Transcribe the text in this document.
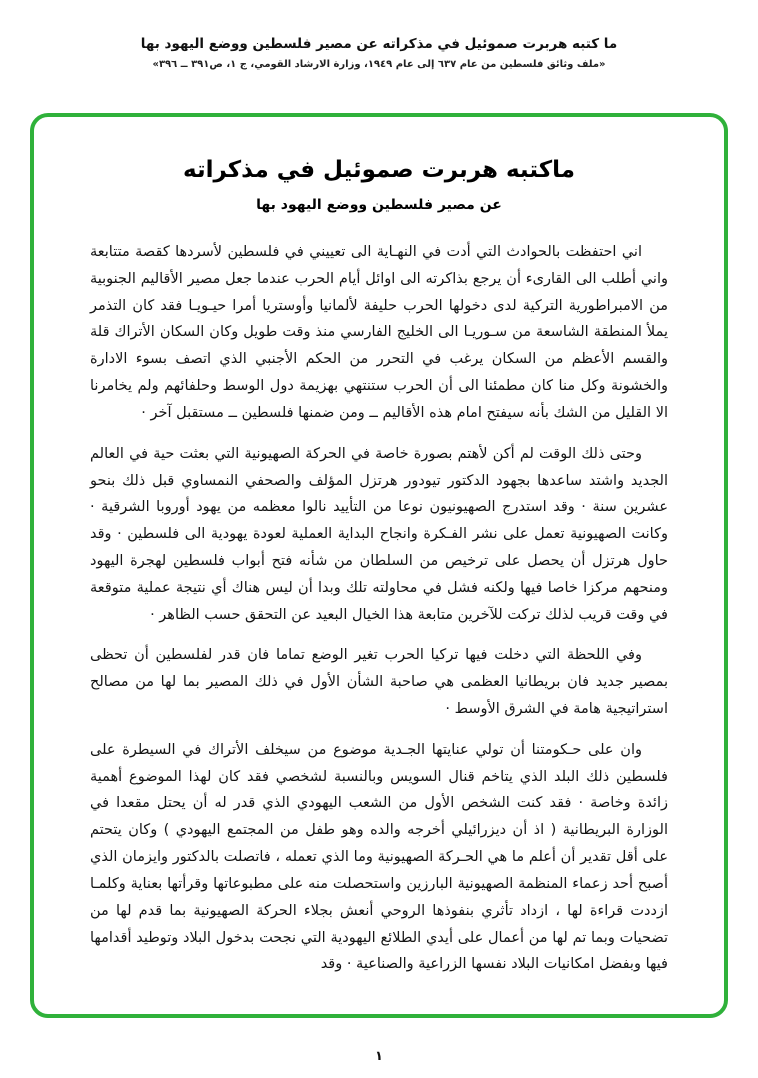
ما كتبه هربرت صموئيل في مذكراته عن مصير فلسطين ووضع اليهود بها
«ملف وثائق فلسطين من عام ٦٣٧ إلى عام ١٩٤٩، وزارة الارشاد القومي، ج ١، ص٣٩١ ــ ٣٩٦»
ماكتبه هربرت صموئيل في مذكراته
عن مصير فلسطين ووضع اليهود بها

اني احتفظت بالحوادث التي أدت في النهـاية الى تعييني في فلسطين لأسردها كقصة متتابعة واني أطلب الى القارىء أن يرجع بذاكرته الى اوائل أيام الحرب عندما جعل مصير الأقاليم الجنوبية من الامبراطورية التركية لدى دخولها الحرب حليفة لألمانيا وأوستريا أمرا حيـويـا فقد كان التذمر يملأ المنطقة الشاسعة من سـوريـا الى الخليج الفارسي منذ وقت طويل وكان السكان الأتراك قلة والقسم الأعظم من السكان يرغب في التحرر من الحكم الأجنبي الذي اتصف بسوء الادارة والخشونة وكل منا كان مطمئنا الى أن الحرب ستنتهي بهزيمة دول الوسط وحلفائهم ولم يخامرنا الا القليل من الشك بأنه سيفتح امام هذه الأقاليم ــ ومن ضمنها فلسطين ــ مستقبل آخر ·

وحتى ذلك الوقت لم أكن لأهتم بصورة خاصة في الحركة الصهيونية التي بعثت حية في العالم الجديد واشتد ساعدها بجهود الدكتور تيودور هرتزل المؤلف والصحفي النمساوي قبل ذلك بنحو عشرين سنة · وقد استدرج الصهيونيون نوعا من التأييد نالوا معظمه من يهود أوروبا الشرقية · وكانت الصهيونية تعمل على نشر الفـكرة وانجاح البداية العملية لعودة يهودية الى فلسطين · وقد حاول هرتزل أن يحصل على ترخيص من السلطان من شأنه فتح أبواب فلسطين لهجرة اليهود ومنحهم مركزا خاصا فيها ولكنه فشل في محاولته تلك وبدا أن ليس هناك أي نتيجة عملية متوقعة في وقت قريب لذلك تركت للآخرين متابعة هذا الخيال البعيد عن التحقق حسب الظاهر ·

وفي اللحظة التي دخلت فيها تركيا الحرب تغير الوضع تماما فان قدر لفلسطين أن تحظى بمصير جديد فان بريطانيا العظمى هي صاحبة الشأن الأول في ذلك المصير بما لها من مصالح استراتيجية هامة في الشرق الأوسط ·

وان على حـكومتنا أن تولي عنايتها الجـدية موضوع من سيخلف الأتراك في السيطرة على فلسطين ذلك البلد الذي يتاخم قنال السويس وبالنسبة لشخصي فقد كان لهذا الموضوع أهمية زائدة وخاصة · فقد كنت الشخص الأول من الشعب اليهودي الذي قدر له أن يحتل مقعدا في الوزارة البريطانية ( اذ أن ديزرائيلي أخرجه والده وهو طفل من المجتمع اليهودي ) وكان يتحتم على أقل تقدير أن أعلم ما هي الحـركة الصهيونية وما الذي تعمله ، فاتصلت بالدكتور وايزمان الذي أصبح أحد زعماء المنظمة الصهيونية البارزين واستحصلت منه على مطبوعاتها وقرأتها بعناية وكلمـا ازددت قراءة لها ، ازداد تأثري بنفوذها الروحي أنعش بجلاء الحركة الصهيونية بما قدم لها من تضحيات وبما تم لها من أعمال على أيدي الطلائع اليهودية التي نجحت بدخول البلاد وتوطيد أقدامها فيها وبفضل امكانيات البلاد نفسها الزراعية والصناعية · وقد

١
